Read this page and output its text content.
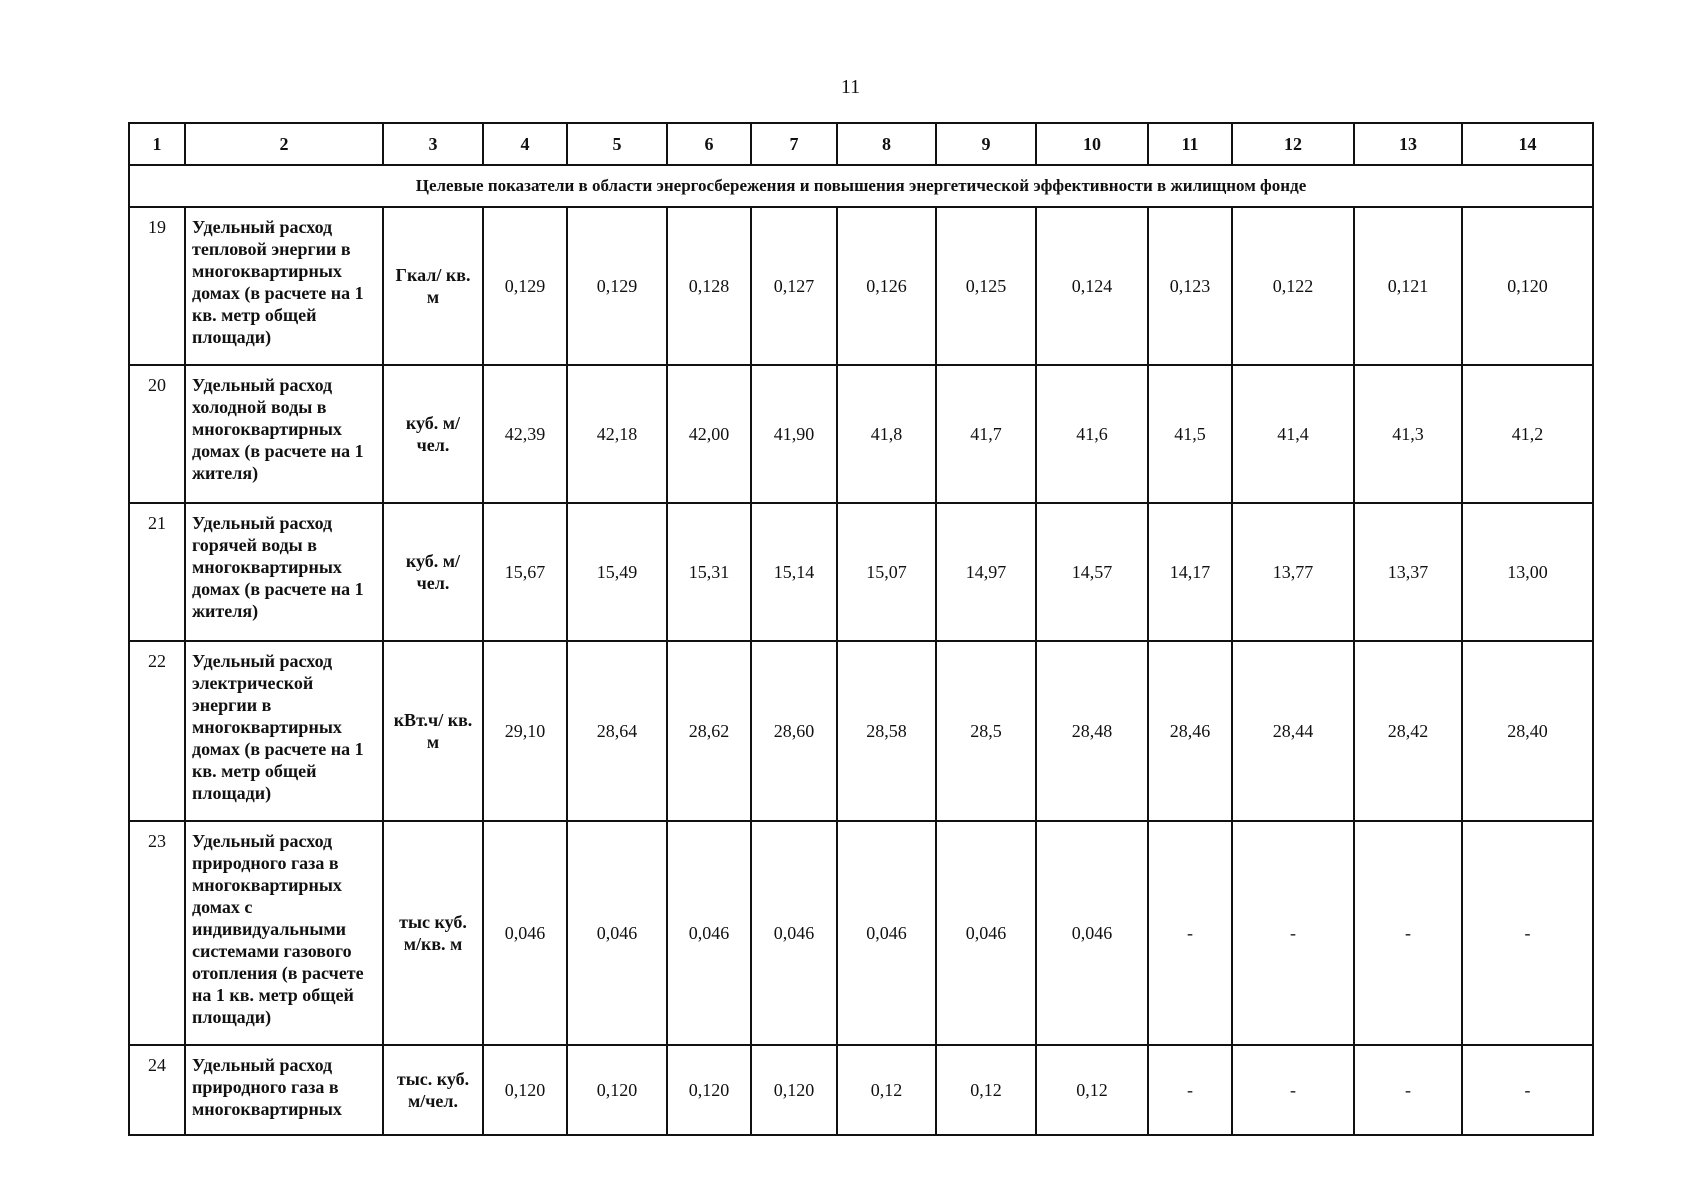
11
1	2	3	4	5	6	7	8	9	10	11	12	13	14
Целевые показатели в области энергосбережения и повышения энергетической эффективности в жилищном фонде													
19	Удельный расход тепловой энергии в многоквартирных домах (в расчете на 1 кв. метр общей площади)	Гкал/ кв. м	0,129	0,129	0,128	0,127	0,126	0,125	0,124	0,123	0,122	0,121	0,120
20	Удельный расход холодной воды в многоквартирных домах (в расчете на 1 жителя)	куб. м/ чел.	42,39	42,18	42,00	41,90	41,8	41,7	41,6	41,5	41,4	41,3	41,2
21	Удельный расход горячей воды в многоквартирных домах (в расчете на 1 жителя)	куб. м/ чел.	15,67	15,49	15,31	15,14	15,07	14,97	14,57	14,17	13,77	13,37	13,00
22	Удельный расход электрической энергии в многоквартирных домах (в расчете на 1 кв. метр общей площади)	кВт.ч/ кв. м	29,10	28,64	28,62	28,60	28,58	28,5	28,48	28,46	28,44	28,42	28,40
23	Удельный расход природного газа в многоквартирных домах с индивидуальными системами газового отопления (в расчете на 1 кв. метр общей площади)	тыс куб. м/кв. м	0,046	0,046	0,046	0,046	0,046	0,046	0,046	-	-	-	-
24	Удельный расход природного газа в многоквартирных	тыс. куб. м/чел.	0,120	0,120	0,120	0,120	0,12	0,12	0,12	-	-	-	-
